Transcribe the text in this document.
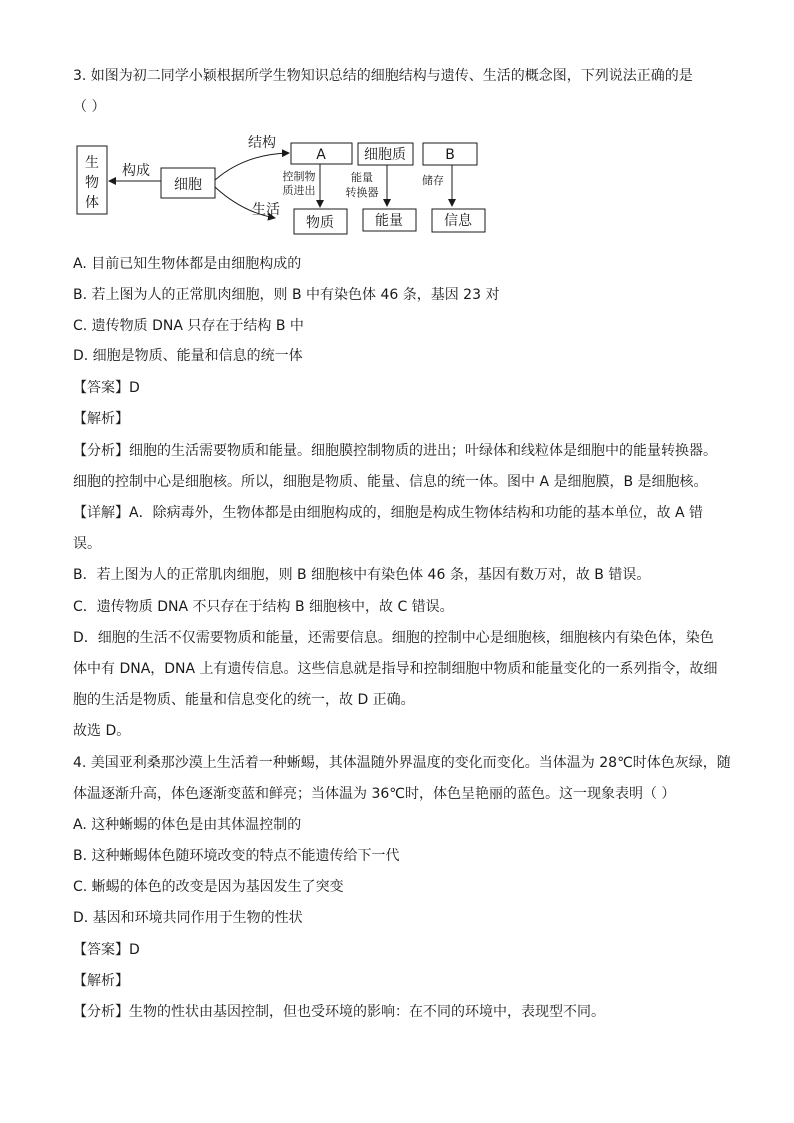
3. 如图为初二同学小颖根据所学生物知识总结的细胞结构与遗传、生活的概念图，下列说法正确的是
（ ）
生
物
体
细胞
构成
结构
生活
A	细胞质	B
控制物
质进出
能量
转换器
储存
物质	能量	信息
A. 目前已知生物体都是由细胞构成的
B. 若上图为人的正常肌肉细胞，则 B 中有染色体 46 条，基因 23 对
C. 遗传物质 DNA 只存在于结构 B 中
D. 细胞是物质、能量和信息的统一体
【答案】D
【解析】
【分析】细胞的生活需要物质和能量。细胞膜控制物质的进出；叶绿体和线粒体是细胞中的能量转换器。
细胞的控制中心是细胞核。所以，细胞是物质、能量、信息的统一体。图中 A 是细胞膜，B 是细胞核。
【详解】A．除病毒外，生物体都是由细胞构成的，细胞是构成生物体结构和功能的基本单位，故 A 错
误。
B．若上图为人的正常肌肉细胞，则 B 细胞核中有染色体 46 条，基因有数万对，故 B 错误。
C．遗传物质 DNA 不只存在于结构 B 细胞核中，故 C 错误。
D．细胞的生活不仅需要物质和能量，还需要信息。细胞的控制中心是细胞核，细胞核内有染色体，染色
体中有 DNA，DNA 上有遗传信息。这些信息就是指导和控制细胞中物质和能量变化的一系列指令，故细
胞的生活是物质、能量和信息变化的统一，故 D 正确。
故选 D。
4. 美国亚利桑那沙漠上生活着一种蜥蜴，其体温随外界温度的变化而变化。当体温为 28℃时体色灰绿，随
体温逐渐升高，体色逐渐变蓝和鲜亮；当体温为 36℃时，体色呈艳丽的蓝色。这一现象表明（ ）
A. 这种蜥蜴的体色是由其体温控制的
B. 这种蜥蜴体色随环境改变的特点不能遗传给下一代
C. 蜥蜴的体色的改变是因为基因发生了突变
D. 基因和环境共同作用于生物的性状
【答案】D
【解析】
【分析】生物的性状由基因控制，但也受环境的影响：在不同的环境中，表现型不同。
